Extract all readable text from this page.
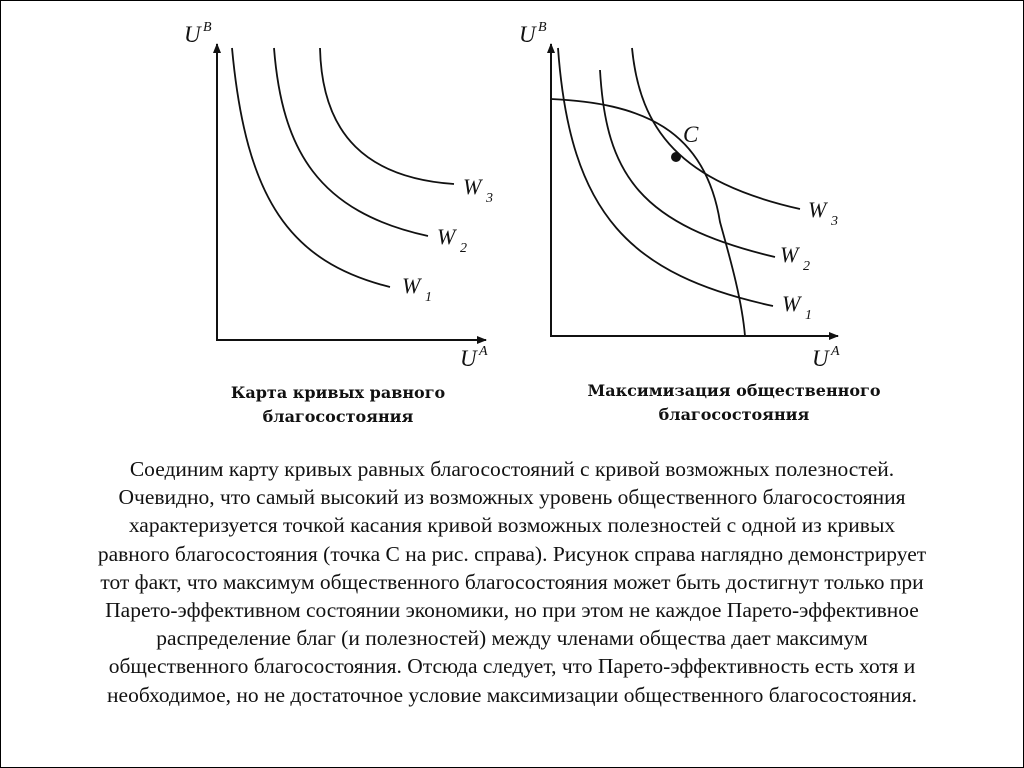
U B
U A
W 1
W 2
W 3
U B
U A
C
W 1
W 2
W 3
Карта кривых равного
благосостояния
Максимизация общественного
благосостояния
Соединим карту кривых равных благосостояний с кривой возможных полезностей.
Очевидно, что самый высокий из возможных уровень общественного благосостояния
характеризуется точкой касания кривой возможных полезностей с одной из кривых
равного благосостояния (точка С на рис. справа). Рисунок справа наглядно демонстрирует
тот факт, что максимум общественного благосостояния может быть достигнут только при
Парето-эффективном состоянии экономики, но при этом не каждое Парето-эффективное
распределение благ (и полезностей) между членами общества дает максимум
общественного благосостояния. Отсюда следует, что Парето-эффективность есть хотя и
необходимое, но не достаточное условие максимизации общественного благосостояния.
